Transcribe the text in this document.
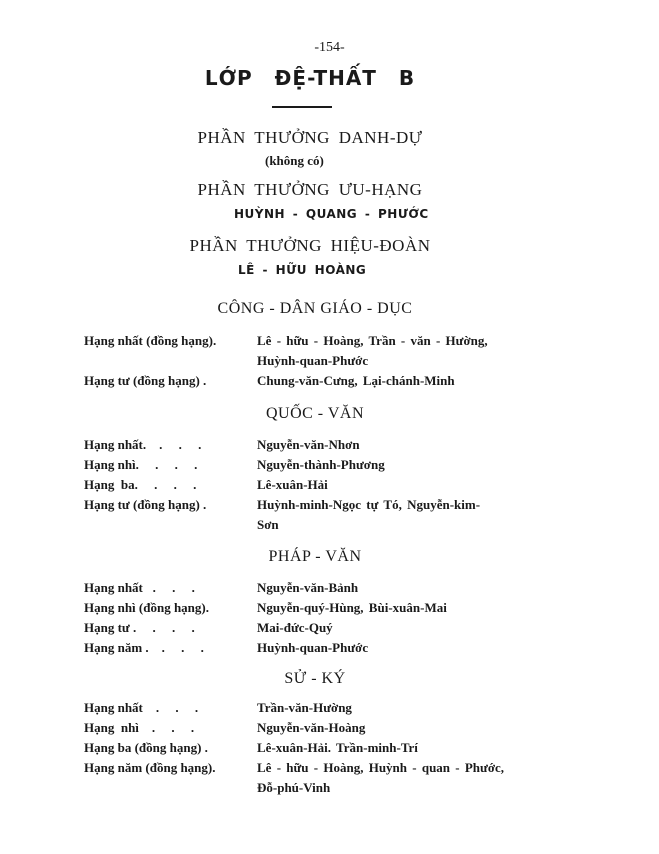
-154-
LỚP ĐỆ-THẤT B
PHẦN THƯỞNG DANH-DỰ
(không có)
PHẦN THƯỞNG ƯU-HẠNG
HUỲNH - QUANG - PHƯỚC
PHẦN THƯỞNG HIỆU-ĐOÀN
LÊ - HỮU HOÀNG
CÔNG - DÂN GIÁO - DỤC
Hạng nhất (đồng hạng).	Lê - hữu - Hoàng, Trần - văn - Hường,
Huỳnh-quan-Phước
Hạng tư (đồng hạng) .	Chung-văn-Cưng, Lại-chánh-Minh
QUỐC - VĂN
Hạng nhất.    .     .     .	Nguyễn-văn-Nhơn
Hạng nhì.     .     .     .	Nguyễn-thành-Phương
Hạng  ba.     .     .     .	Lê-xuân-Hải
Hạng tư (đồng hạng) .	Huỳnh-minh-Ngọc tự Tó, Nguyễn-kim-
Sơn
PHÁP - VĂN
Hạng nhất   .     .     .	Nguyễn-văn-Bảnh
Hạng nhì (đồng hạng).	Nguyễn-quý-Hùng, Bùi-xuân-Mai
Hạng tư .     .     .     .	Mai-đức-Quý
Hạng năm .    .     .     .	Huỳnh-quan-Phước
SỬ - KÝ
Hạng nhất    .     .     .	Trần-văn-Hường
Hạng  nhì    .     .     .	Nguyễn-văn-Hoàng
Hạng ba (đồng hạng) .	Lê-xuân-Hải. Trần-minh-Trí
Hạng năm (đồng hạng).	Lê - hữu - Hoàng, Huỳnh - quan - Phước,
Đỗ-phú-Vinh
